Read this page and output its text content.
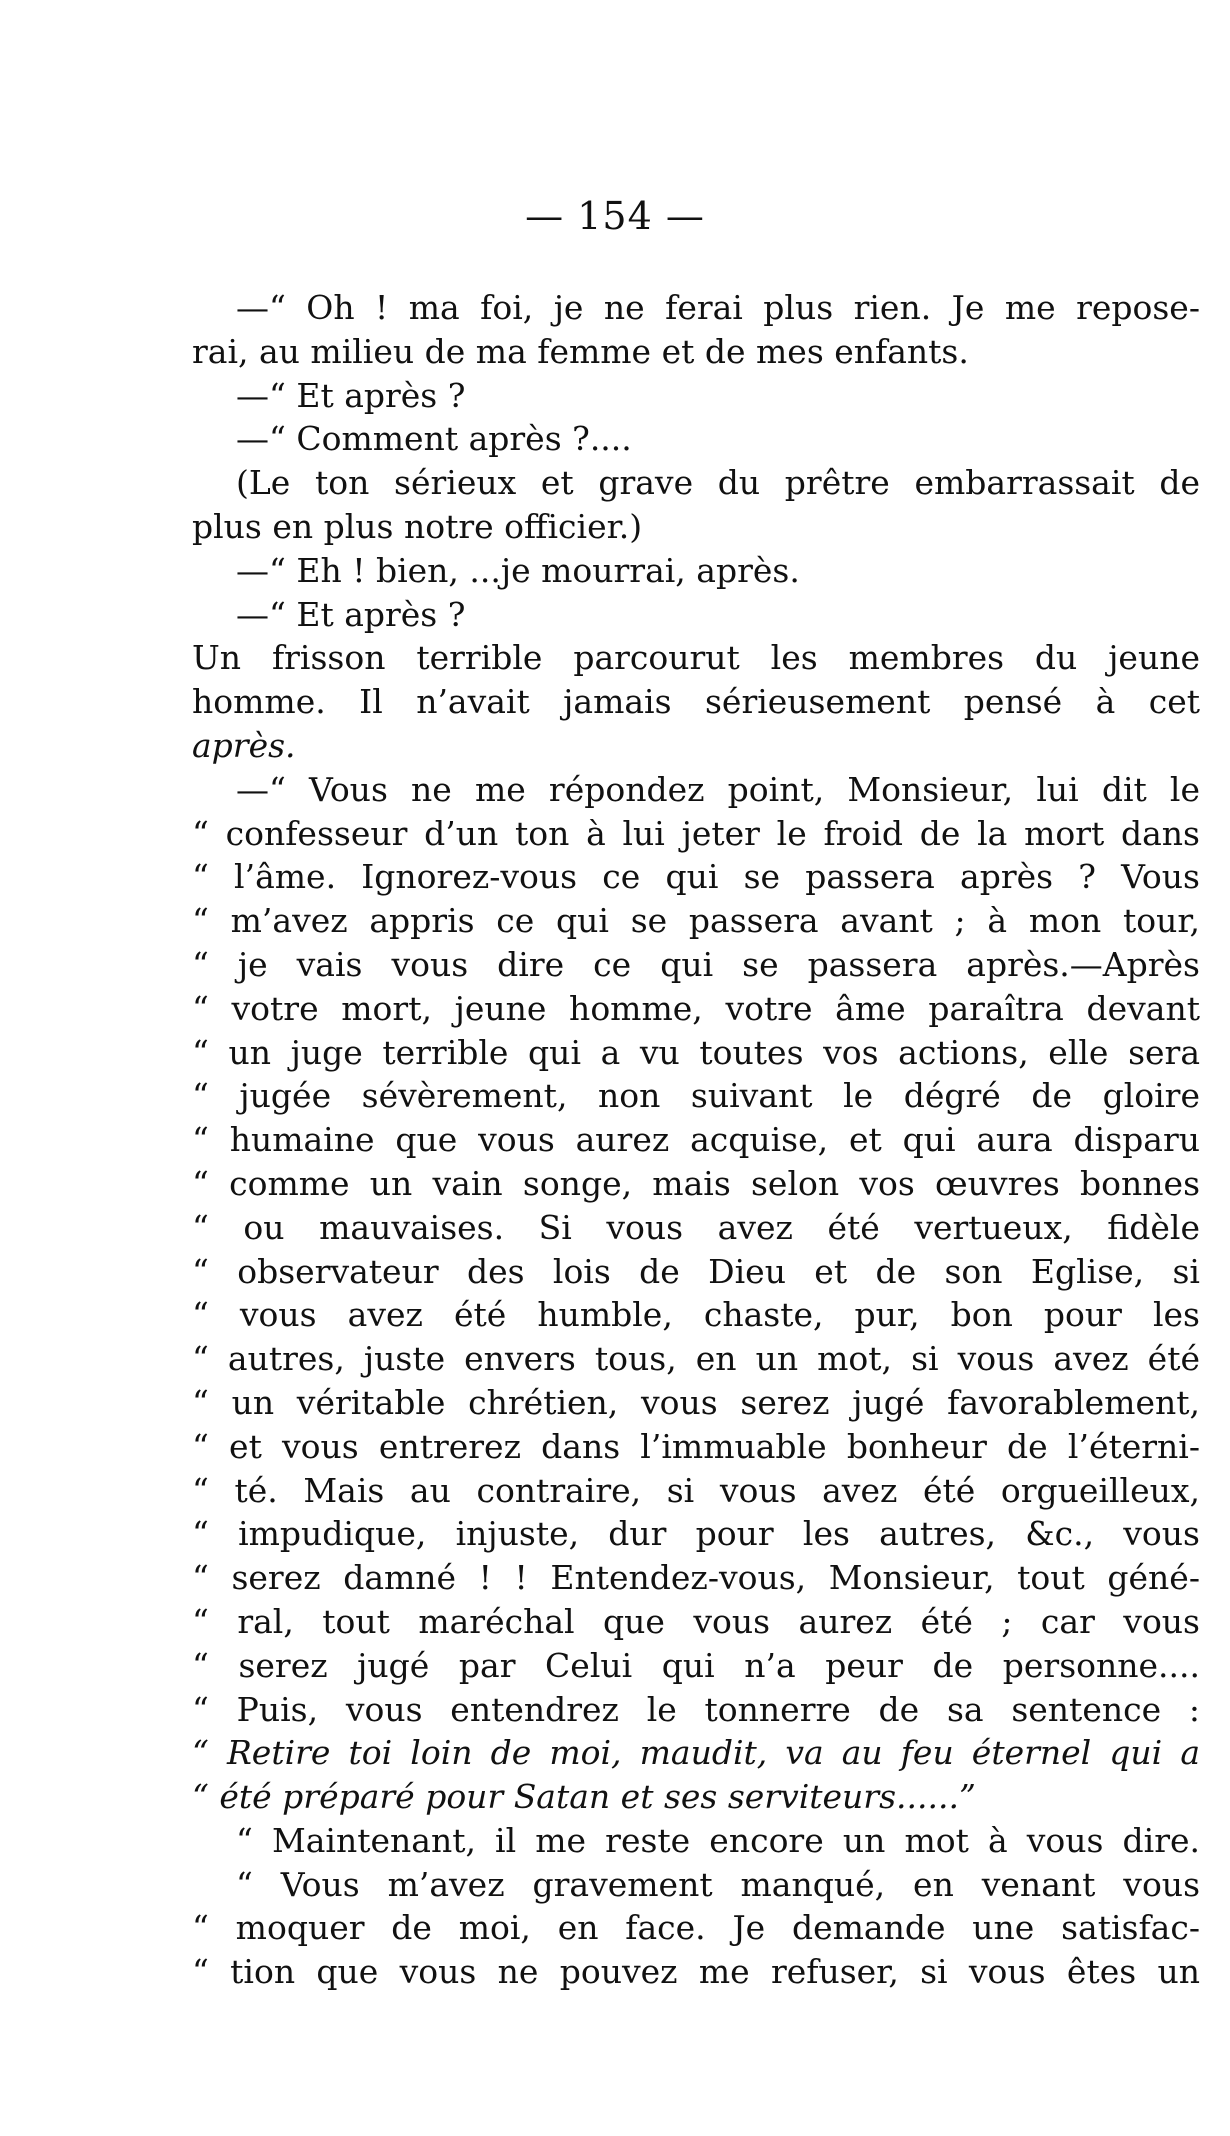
— 154 —
—“ Oh ! ma foi, je ne ferai plus rien. Je me repose-
rai, au milieu de ma femme et de mes enfants.
—“ Et après ?
—“ Comment après ?....
(Le ton sérieux et grave du prêtre embarrassait de
plus en plus notre officier.)
—“ Eh ! bien, ...je mourrai, après.
—“ Et après ?
Un frisson terrible parcourut les membres du jeune
homme. Il n’avait jamais sérieusement pensé à cet
après.
—“ Vous ne me répondez point, Monsieur, lui dit le
“ confesseur d’un ton à lui jeter le froid de la mort dans
“ l’âme. Ignorez-vous ce qui se passera après ? Vous
“ m’avez appris ce qui se passera avant ; à mon tour,
“ je vais vous dire ce qui se passera après.—Après
“ votre mort, jeune homme, votre âme paraîtra devant
“ un juge terrible qui a vu toutes vos actions, elle sera
“ jugée sévèrement, non suivant le dégré de gloire
“ humaine que vous aurez acquise, et qui aura disparu
“ comme un vain songe, mais selon vos œuvres bonnes
“ ou mauvaises. Si vous avez été vertueux, fidèle
“ observateur des lois de Dieu et de son Eglise, si
“ vous avez été humble, chaste, pur, bon pour les
“ autres, juste envers tous, en un mot, si vous avez été
“ un véritable chrétien, vous serez jugé favorablement,
“ et vous entrerez dans l’immuable bonheur de l’éterni-
“ té. Mais au contraire, si vous avez été orgueilleux,
“ impudique, injuste, dur pour les autres, &c., vous
“ serez damné ! ! Entendez-vous, Monsieur, tout géné-
“ ral, tout maréchal que vous aurez été ; car vous
“ serez jugé par Celui qui n’a peur de personne....
“ Puis, vous entendrez le tonnerre de sa sentence :
“ Retire toi loin de moi, maudit, va au feu éternel qui a
“ été préparé pour Satan et ses serviteurs......”
“ Maintenant, il me reste encore un mot à vous dire.
“ Vous m’avez gravement manqué, en venant vous
“ moquer de moi, en face. Je demande une satisfac-
“ tion que vous ne pouvez me refuser, si vous êtes un
